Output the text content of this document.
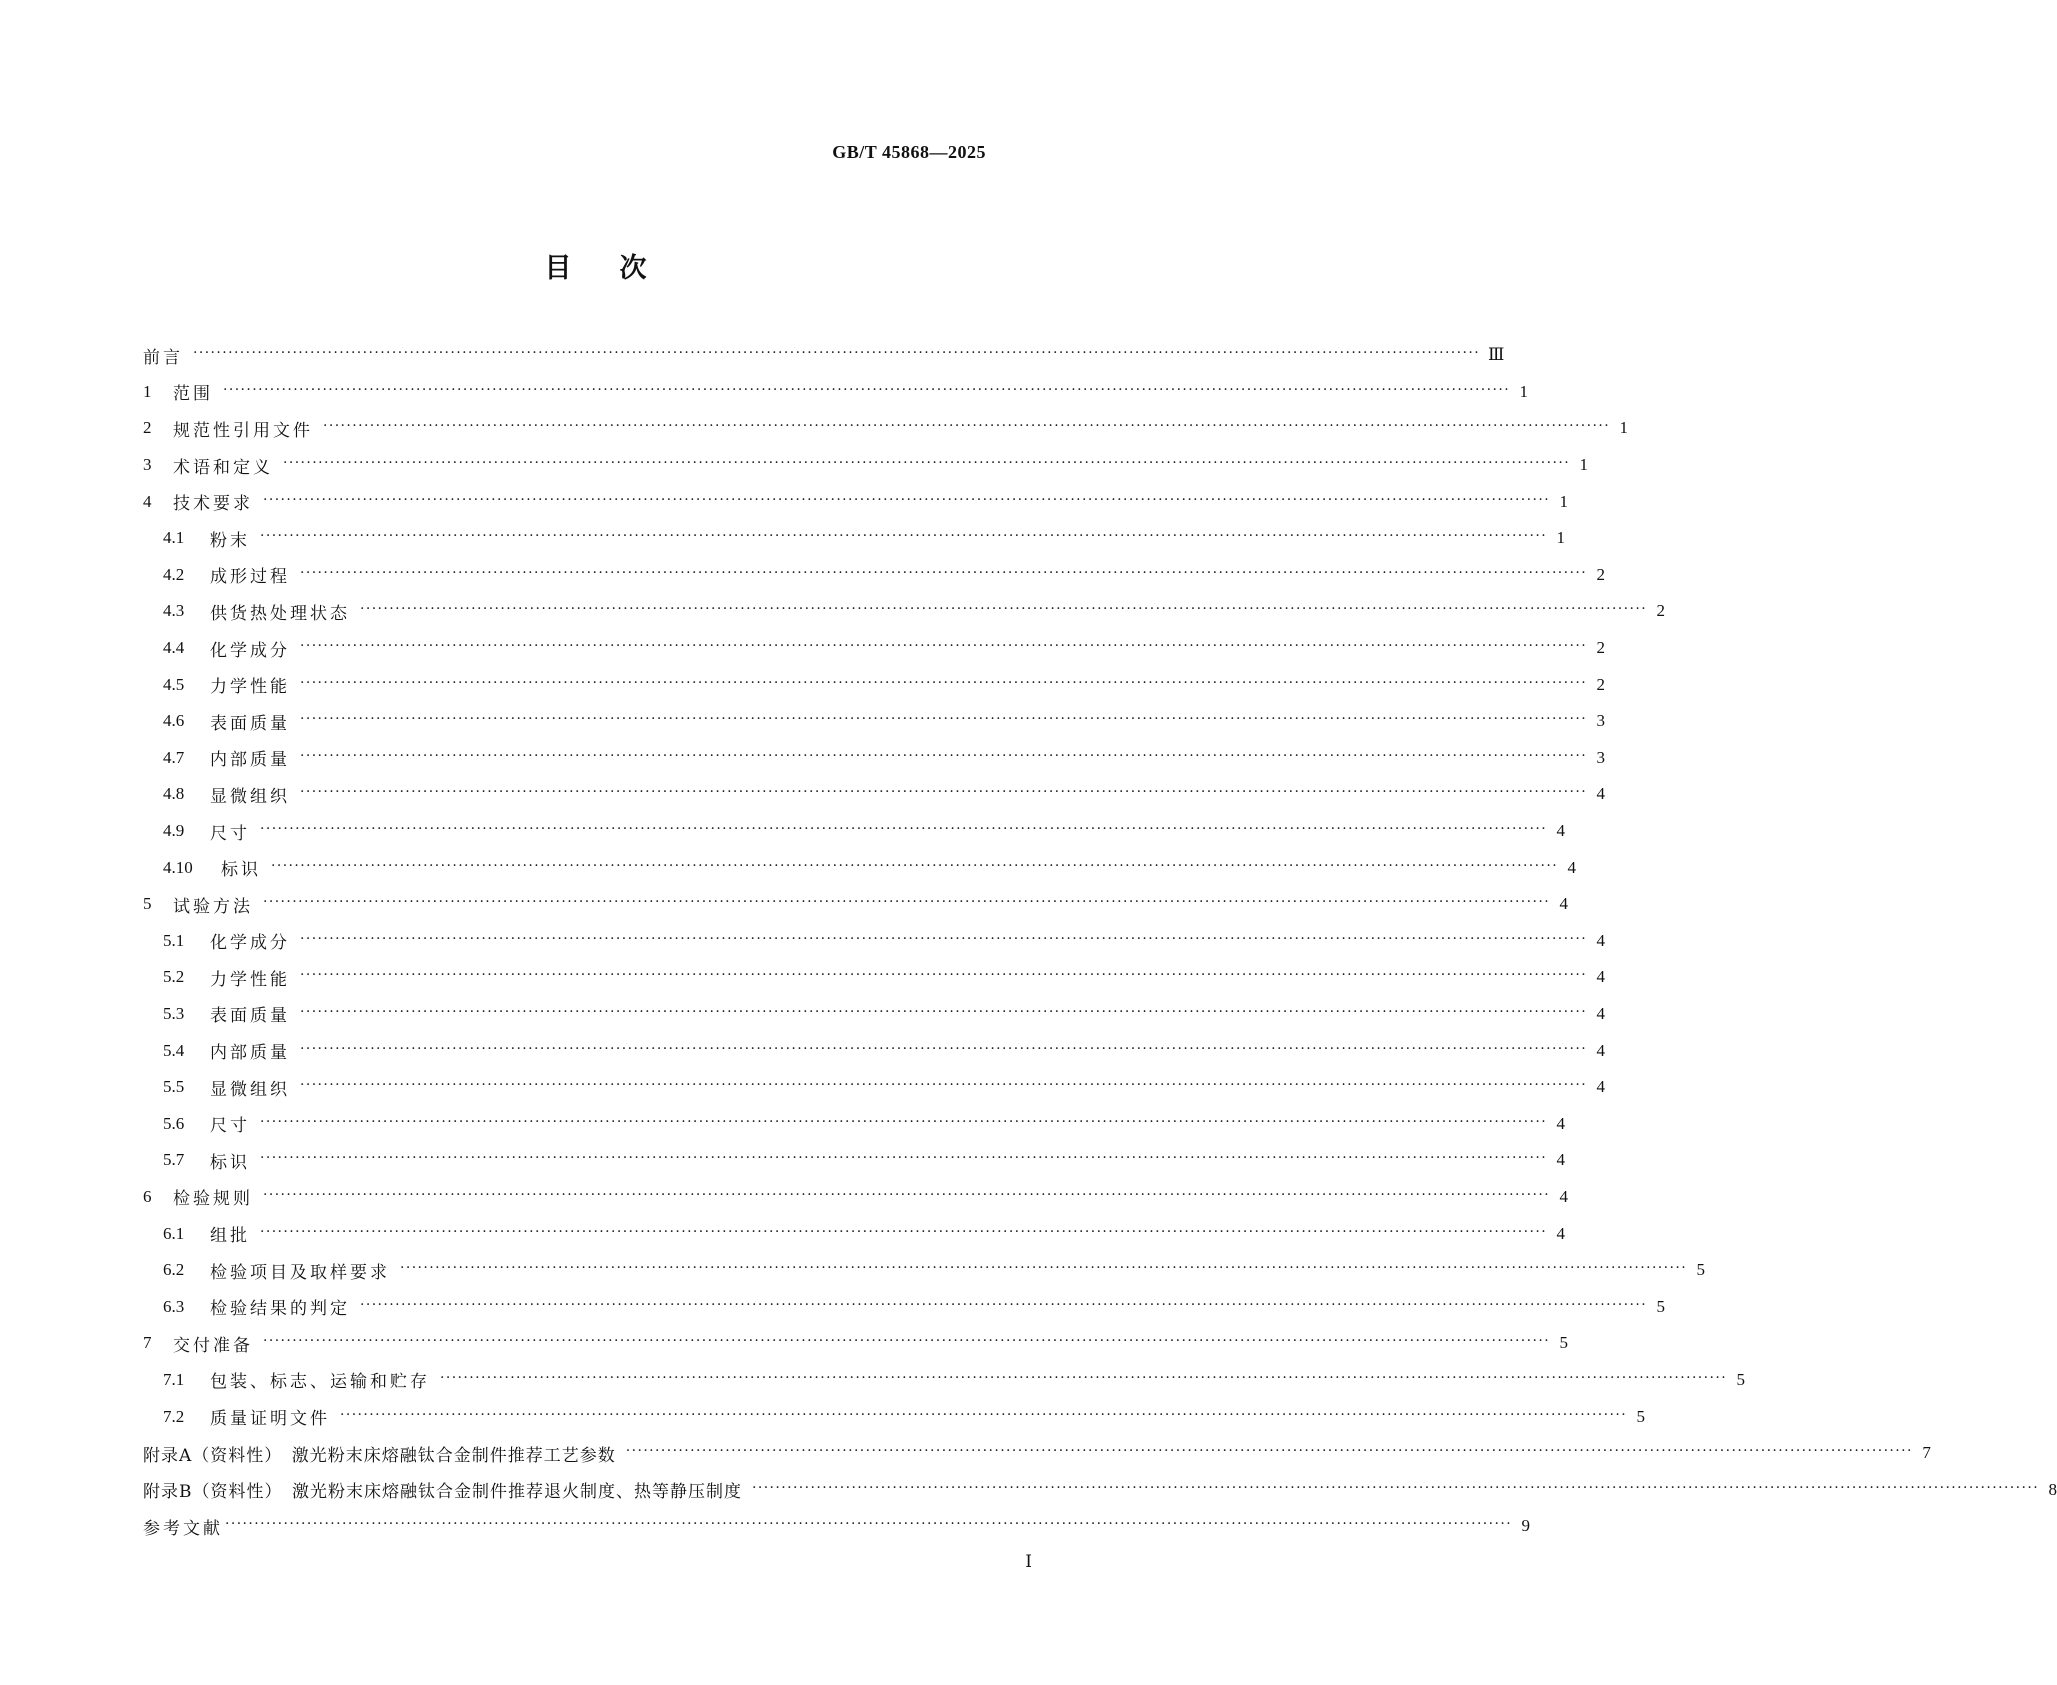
GB/T 45868—2025
目次
前言 ···························································································································································································································· Ⅲ
1	范围 ···························································································································································································································· 1
2	规范性引用文件 ···························································································································································································································· 1
3	术语和定义 ···························································································································································································································· 1
4	技术要求 ···························································································································································································································· 1
4.1	粉末 ···························································································································································································································· 1
4.2	成形过程 ···························································································································································································································· 2
4.3	供货热处理状态 ···························································································································································································································· 2
4.4	化学成分 ···························································································································································································································· 2
4.5	力学性能 ···························································································································································································································· 2
4.6	表面质量 ···························································································································································································································· 3
4.7	内部质量 ···························································································································································································································· 3
4.8	显微组织 ···························································································································································································································· 4
4.9	尺寸 ···························································································································································································································· 4
4.10	标识 ···························································································································································································································· 4
5	试验方法 ···························································································································································································································· 4
5.1	化学成分 ···························································································································································································································· 4
5.2	力学性能 ···························································································································································································································· 4
5.3	表面质量 ···························································································································································································································· 4
5.4	内部质量 ···························································································································································································································· 4
5.5	显微组织 ···························································································································································································································· 4
5.6	尺寸 ···························································································································································································································· 4
5.7	标识 ···························································································································································································································· 4
6	检验规则 ···························································································································································································································· 4
6.1	组批 ···························································································································································································································· 4
6.2	检验项目及取样要求 ···························································································································································································································· 5
6.3	检验结果的判定 ···························································································································································································································· 5
7	交付准备 ···························································································································································································································· 5
7.1	包装、标志、运输和贮存 ···························································································································································································································· 5
7.2	质量证明文件 ···························································································································································································································· 5
附录A（资料性）　激光粉末床熔融钛合金制件推荐工艺参数 ···························································································································································································································· 7
附录B（资料性）　激光粉末床熔融钛合金制件推荐退火制度、热等静压制度 ···························································································································································································································· 8
参考文献 ···························································································································································································································· 9
Ⅰ
